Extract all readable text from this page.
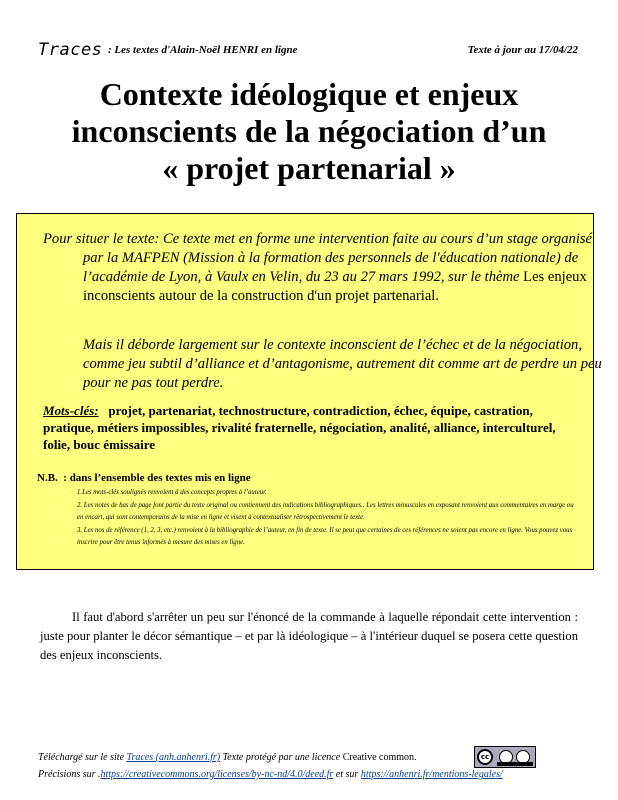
Traces : Les textes d'Alain-Noël HENRI en ligne	Texte à jour au 17/04/22
Contexte idéologique et enjeux
inconscients de la négociation d’un
« projet partenarial »

Pour situer le texte: Ce texte met en forme une intervention faite au cours d’un stage organisé par la MAFPEN (Mission à la formation des personnels de l'éducation nationale) de l’académie de Lyon, à Vaulx en Velin, du 23 au 27 mars 1992, sur le thème Les enjeux inconscients autour de la construction d'un projet partenarial.

Mais il déborde largement sur le contexte inconscient de l’échec et de la négociation, comme jeu subtil d’alliance et d’antagonisme, autrement dit comme art de perdre un peu pour ne pas tout perdre.

Mots-clés: projet, partenariat, technostructure, contradiction, échec, équipe, castration, pratique, métiers impossibles, rivalité fraternelle, négociation, analité, alliance, interculturel, folie, bouc émissaire
N.B. : dans l’ensemble des textes mis en ligne
1.Les mots-clés soulignés renvoient à des concepts propres à l’auteur.
2. Les notes de bas de page font partie du texte original ou contiennent des indications bibliographiques.. Les lettres minuscules en exposant renvoient aux commentaires en marge ou en encart, qui sont contemporains de la mise en ligne et visent à contextualiser rétrospectivement le texte.
3. Les nos de référence (1, 2, 3, etc.) renvoient à la bibliographie de l’auteur, en fin de texte. Il se peut que certaines de ces références ne soient pas encore en ligne. Vous pouvez vous inscrire pour être tenus informés à mesure des mises en ligne.

Il faut d'abord s'arrêter un peu sur l'énoncé de la commande à laquelle répondait cette intervention : juste pour planter le décor sémantique – et par là idéologique – à l'intérieur duquel se posera cette question des enjeux inconscients.

Téléchargé sur le site Traces (anh.anhenri.fr) Texte protégé par une licence Creative common.	cc
Précisions sur .https://creativecommons.org/licenses/by-nc-nd/4.0/deed.fr et sur https://anhenri.fr/mentions-legales/
